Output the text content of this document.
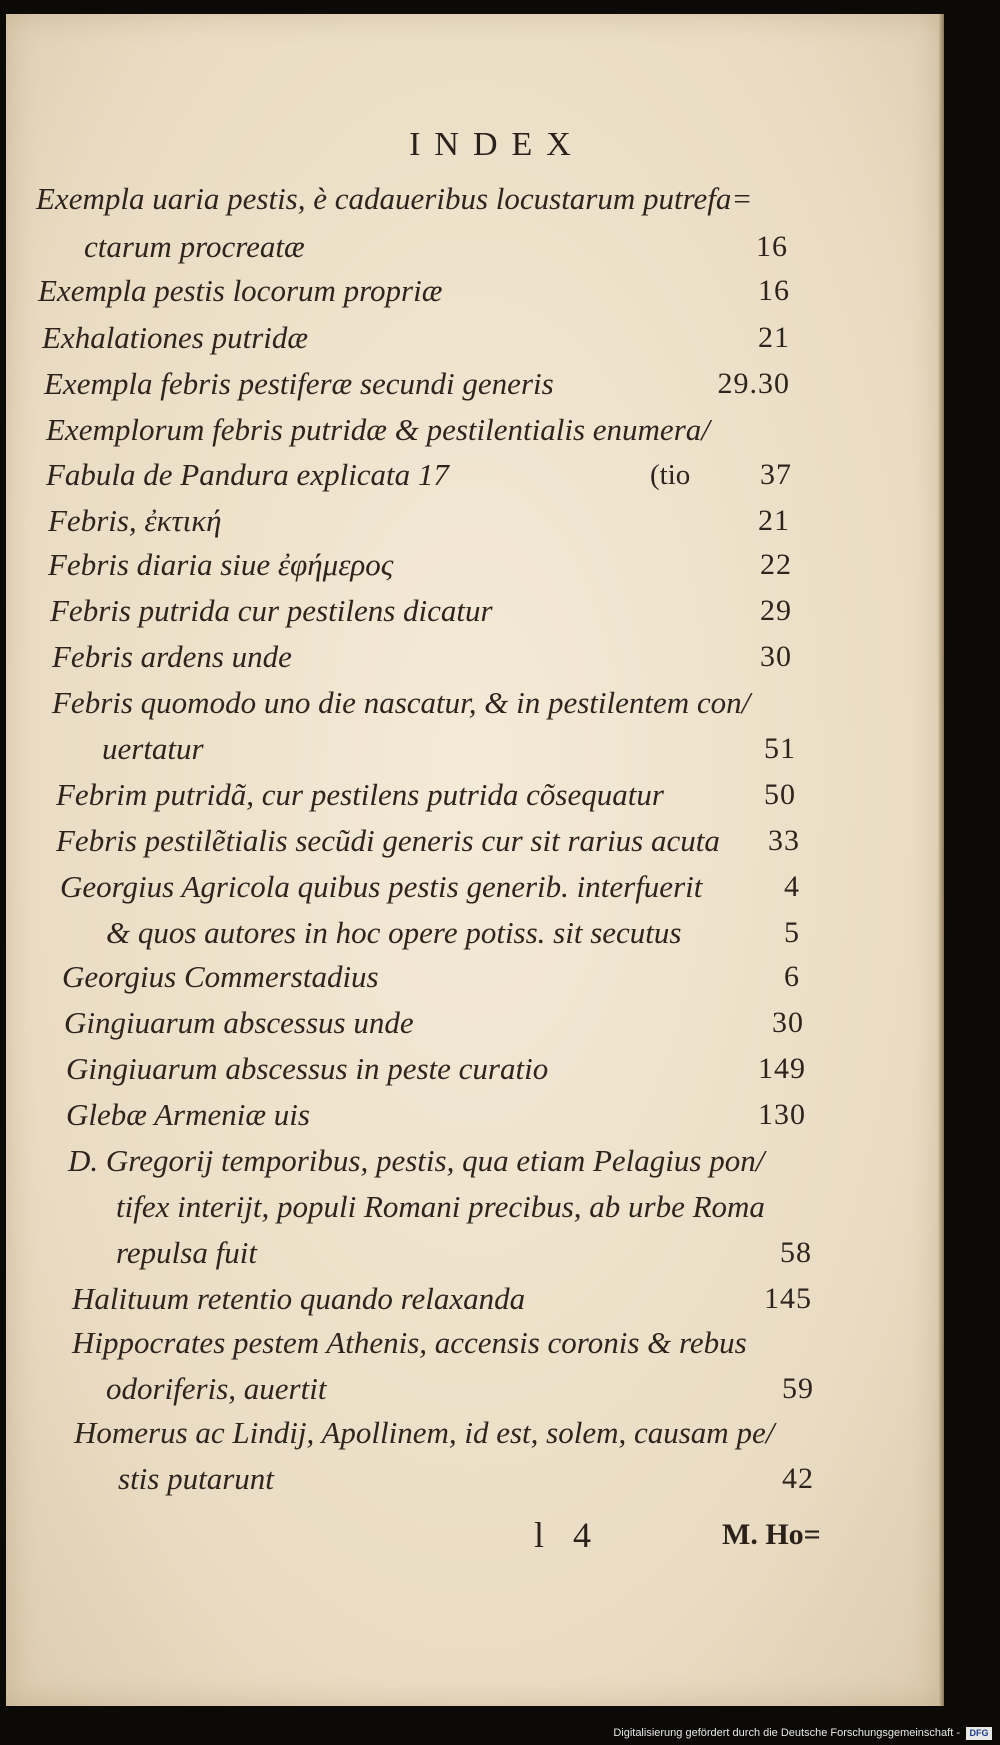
INDEX
Exempla uaria pestis, è cadaueribus locustarum putrefa=
ctarum procreatæ	16
Exempla pestis locorum propriæ	16
Exhalationes putridæ	21
Exempla febris pestiferæ secundi generis	29.30
Exemplorum febris putridæ & pestilentialis enumera/
Fabula de Pandura explicata 17	(tio 37
Febris, ἐκτική	21
Febris diaria siue ἐφήμερος	22
Febris putrida cur pestilens dicatur	29
Febris ardens unde	30
Febris quomodo uno die nascatur, & in pestilentem con/
uertatur	51
Febrim putridã, cur pestilens putrida cõsequatur	50
Febris pestilẽtialis secũdi generis cur sit rarius acuta 33
Georgius Agricola quibus pestis generib. interfuerit	4
& quos autores in hoc opere potiss. sit secutus	5
Georgius Commerstadius	6
Gingiuarum abscessus unde	30
Gingiuarum abscessus in peste curatio	149
Glebæ Armeniæ uis	130
D. Gregorij temporibus, pestis, qua etiam Pelagius pon/
tifex interijt, populi Romani precibus, ab urbe Roma
repulsa fuit	58
Halituum retentio quando relaxanda	145
Hippocrates pestem Athenis, accensis coronis & rebus
odoriferis, auertit	59
Homerus ac Lindij, Apollinem, id est, solem, causam pe/
stis putarunt	42
l 4	M. Ho=
Digitalisierung gefördert durch die Deutsche Forschungsgemeinschaft -	DFG
